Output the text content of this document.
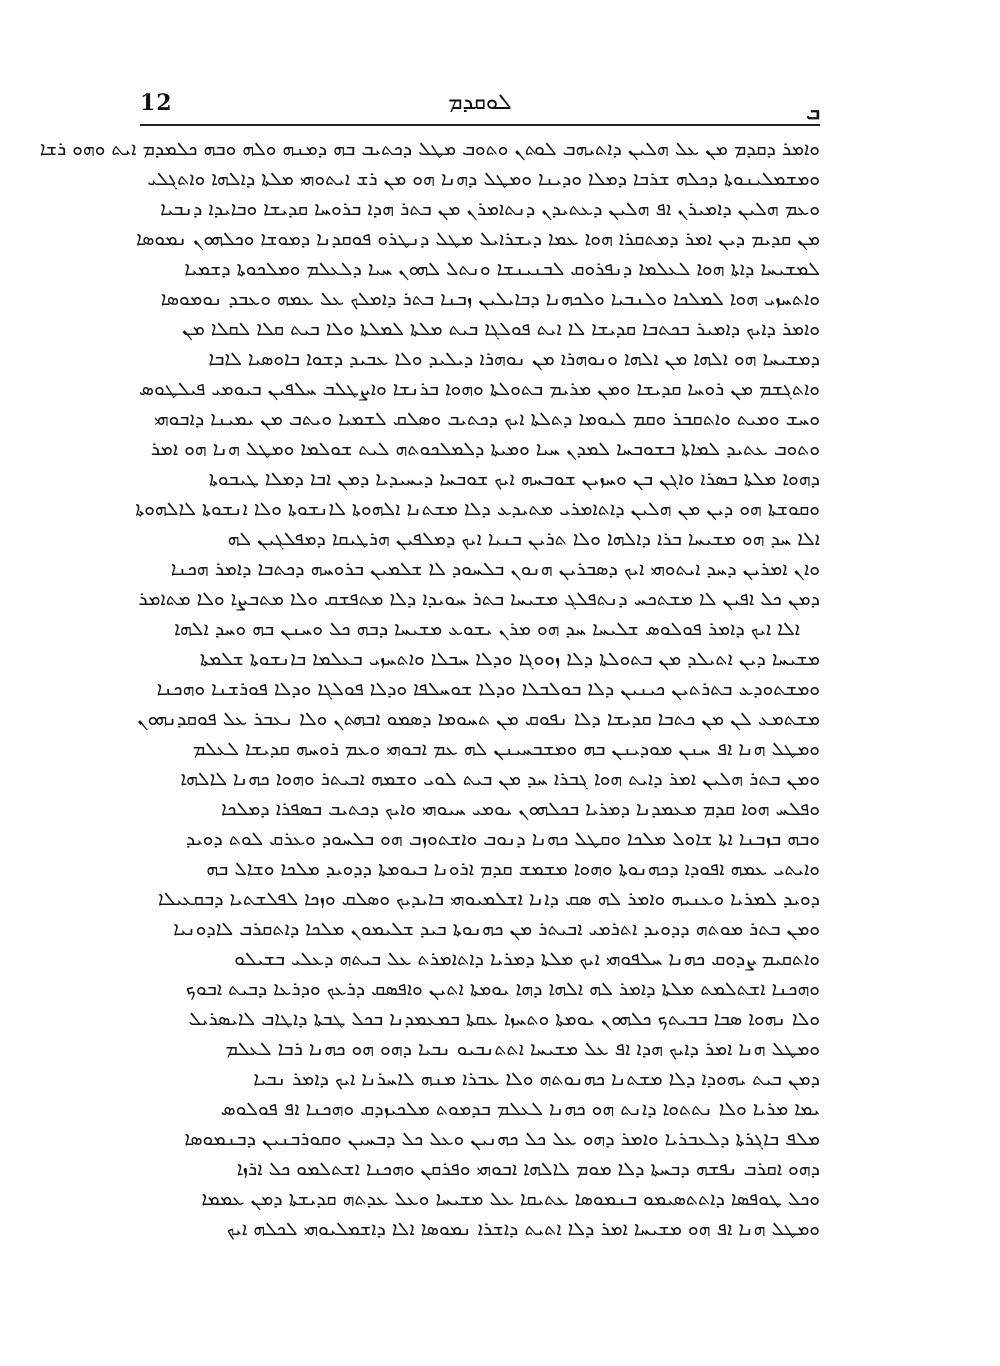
12	ܠܘܩܕܡ	ܒ
ܘܐܡܪ ܕܩܕܡ ܡܢ ܥܠ ܗܠܝܢ ܕܐܬܝܗܒ ܠܘܬܢ ܘܬܘܒ ܡܛܠ ܕܟܬܝܒ ܒܗ ܕܡܢܗ ܘܠܗ ܘܒܗ ܟܠܡܕܡ ܐܝܬ ܘܗܘ ܪܫܐ
ܘܡܫܡܠܝܢܘܬܐ ܕܟܠܗ ܫܪܒܐ ܕܡܠܐ ܘܕܝܢܐ ܘܡܛܠ ܕܗܢܐ ܗܘ ܡܢ ܪܫ ܐܝܬܘܗܝ ܡܠܬܐ ܕܐܠܗܐ ܘܐܬܓܠܝ
ܘܥܡ ܗܠܝܢ ܕܐܡܝܪܢ ܐܦ ܗܠܝܢ ܕܥܬܝܕܢ ܕܢܬܐܡܪܢ ܡܢ ܒܬܪ ܗܕܐ ܒܪܘܚܐ ܩܕܝܫܐ ܘܒܐܝܕܐ ܕܢܒܝܐ
ܡܢ ܩܕܝܡ ܕܝܢ ܐܡܪ ܕܡܬܩܪܐ ܗܘܐ ܥܡܐ ܕܝܫܪܐܝܠ ܡܛܠ ܕܢܛܪܘ ܦܘܩܕܢܐ ܕܡܘܫܐ ܘܟܠܗܘܢ ܢܡܘܣܐ
ܠܡܫܝܚܐ ܕܐܬܐ ܗܘܐ ܠܥܠܡܐ ܕܢܦܪܘܩ ܠܒܢܝܢܫܐ ܘܢܬܠ ܠܗܘܢ ܚܝܐ ܕܠܥܠܡ ܘܡܠܟܘܬܐ ܕܫܡܝܐ
ܘܐܬܚܙܝ ܗܘܐ ܠܡܠܟܐ ܘܠܢܒܝܐ ܘܠܟܗܢܐ ܕܒܐܝܠܝܢ ܙܒܢܐ ܒܬܪ ܕܐܡܠܟ ܥܠ ܥܡܗ ܘܥܒܕ ܢܘܡܘܣܐ
ܘܐܡܪ ܕܐܝܟ ܕܐܡܝܪ ܒܟܬܒܐ ܩܕܝܫܐ ܠܐ ܐܝܬ ܦܘܠܓܐ ܒܝܬ ܡܠܬܐ ܠܡܠܬܐ ܘܠܐ ܒܝܬ ܩܠܐ ܠܩܠܐ ܡܢ
ܕܡܫܝܚܐ ܗܘ ܐܠܗܐ ܡܢ ܐܠܗܐ ܘܢܘܗܪܐ ܡܢ ܢܘܗܪܐ ܕܝܠܝܕ ܘܠܐ ܥܒܝܕ ܕܫܘܐ ܒܐܘܣܝܐ ܠܐܒܐ
ܘܐܬܓܫܡ ܡܢ ܪܘܚܐ ܩܕܝܫܐ ܘܡܢ ܡܪܝܡ ܒܬܘܠܬܐ ܘܗܘܐ ܒܪܢܫܐ ܘܐܨܛܠܒ ܚܠܦܝܢ ܒܝܘܡܝ ܦܝܠܛܘܣ
ܘܚܫ ܘܡܝܬ ܘܐܬܩܒܪ ܘܩܡ ܠܝܘܡܐ ܕܬܠܬܐ ܐܝܟ ܕܟܬܝܒ ܘܣܠܩ ܠܫܡܝܐ ܘܝܬܒ ܡܢ ܝܡܝܢܐ ܕܐܒܘܗܝ
ܘܬܘܒ ܥܬܝܕ ܠܡܐܬܐ ܒܫܘܒܚܐ ܠܡܕܢ ܚܝܐ ܘܡܝܬܐ ܕܠܡܠܟܘܬܗ ܠܝܬ ܫܘܠܡܐ ܘܡܛܠ ܗܢܐ ܗܘ ܐܡܪ
ܕܗܘܐ ܡܠܬܐ ܒܣܪܐ ܘܐܓܢ ܒܢ ܘܚܙܝܢ ܫܘܒܚܗ ܐܝܟ ܫܘܒܚܐ ܕܝܚܝܕܝܐ ܕܡܢ ܐܒܐ ܕܡܠܐ ܛܝܒܘܬܐ
ܘܩܘܫܬܐ ܗܘ ܕܝܢ ܡܢ ܗܠܝܢ ܕܐܬܐܡܪܝ ܡܬܝܕܥ ܕܠܐ ܡܫܬܢܐ ܐܠܗܘܬܐ ܠܐܢܫܘܬܐ ܘܠܐ ܐܢܫܘܬܐ ܠܐܠܗܘܬܐ
ܐܠܐ ܚܕ ܗܘ ܡܫܝܚܐ ܒܪܐ ܕܐܠܗܐ ܘܠܐ ܬܪܝܢ ܒܢܝܐ ܐܝܟ ܕܡܠܦܝܢ ܗܪܛܝܩܐ ܕܡܦܠܓܝܢ ܠܗ
ܘܐܢ ܐܡܪܝܢ ܕܚܕ ܐܝܬܘܗܝ ܐܝܟ ܕܣܒܪܝܢ ܗܢܘܢ ܒܠܚܘܕ ܠܐ ܫܠܡܝܢ ܒܪܘܚܗ ܕܟܬܒܐ ܕܐܡܪ ܗܟܢܐ
ܕܡܢ ܟܠ ܐܦܝܢ ܠܐ ܡܫܬܟܚ ܕܢܬܦܠܓ ܡܫܝܚܐ ܒܬܪ ܚܘܝܕܐ ܕܠܐ ܡܬܦܫܩ ܘܠܐ ܡܬܒܨܐ ܘܠܐ ܡܬܐܡܪ
ܐܠܐ ܐܝܟ ܕܐܡܪ ܦܘܠܘܣ ܫܠܝܚܐ ܚܕ ܗܘ ܡܪܢ ܝܫܘܥ ܡܫܝܚܐ ܕܒܗ ܟܠ ܘܚܢܢ ܒܗ ܘܚܕ ܐܠܗܐ
ܡܫܝܚܐ ܕܝܢ ܐܬܝܠܕ ܡܢ ܒܬܘܠܬܐ ܕܠܐ ܙܘܘܓܐ ܘܕܠܐ ܚܒܠܐ ܘܐܬܚܙܝ ܒܥܠܡܐ ܒܐܢܫܘܬܐ ܫܠܡܬܐ
ܘܡܫܬܘܕܥ ܒܬܪܬܝܢ ܟܝܢܝܢ ܕܠܐ ܒܘܠܒܠܐ ܘܕܠܐ ܫܘܚܠܦܐ ܘܕܠܐ ܦܘܠܓܐ ܘܕܠܐ ܦܘܪܫܢܐ ܘܗܟܢܐ
ܡܫܬܡܥ ܠܢ ܡܢ ܟܬܒܐ ܩܕܝܫܐ ܕܠܐ ܢܦܘܩ ܡܢ ܬܚܘܡܐ ܕܣܡܘ ܐܒܗܬܢ ܘܠܐ ܢܥܒܪ ܥܠ ܦܘܩܕܢܗܘܢ
ܘܡܛܠ ܗܢܐ ܐܦ ܚܢܢ ܡܘܕܝܢܢ ܒܗ ܘܡܫܒܚܝܢܢ ܠܗ ܥܡ ܐܒܘܗܝ ܘܥܡ ܪܘܚܗ ܩܕܝܫܐ ܠܥܠܡ
ܘܡܢ ܒܬܪ ܗܠܝܢ ܐܡܪ ܕܐܝܬ ܗܘܐ ܓܒܪܐ ܚܕ ܡܢ ܒܝܬ ܠܘܝ ܘܫܡܗ ܐܒܝܬܪ ܘܗܘܐ ܟܗܢܐ ܠܐܠܗܐ
ܘܦܠܚ ܗܘܐ ܩܕܡ ܡܥܡܕܢܐ ܕܡܪܝܐ ܒܟܠܗܘܢ ܝܘܡܝ ܚܝܘܗܝ ܘܐܝܟ ܕܟܬܝܒ ܒܣܦܪܐ ܕܡܠܟܐ
ܘܒܗ ܒܙܒܢܐ ܐܬܐ ܫܐܘܠ ܡܠܟܐ ܘܩܛܠ ܟܗܢܐ ܕܢܘܒ ܘܐܫܬܘܙܒ ܗܘ ܒܠܚܘܕ ܘܥܪܩ ܠܘܬ ܕܘܝܕ
ܘܐܝܬܝ ܥܡܗ ܐܦܘܕܐ ܕܟܗܢܘܬܐ ܘܗܘܐ ܡܫܡܫ ܩܕܡ ܐܪܘܢܐ ܒܝܘܡܬܐ ܕܕܘܝܕ ܡܠܟܐ ܘܫܐܠ ܒܗ
ܕܘܝܕ ܠܡܪܝܐ ܘܥܢܝܗ ܘܐܡܪ ܠܗ ܣܩ ܕܐܢܐ ܐܫܠܡܝܘܗܝ ܒܐܝܕܝܟ ܘܣܠܩ ܘܙܟܐ ܠܦܠܫܬܝܐ ܕܒܩܥܝܠܐ
ܘܡܢ ܒܬܪ ܡܘܬܗ ܕܕܘܝܕ ܐܬܪܡܝ ܐܒܝܬܪ ܡܢ ܟܗܢܘܬܐ ܒܝܕ ܫܠܝܡܘܢ ܡܠܟܐ ܕܐܬܩܪܒ ܠܐܕܘܢܝܐ
ܘܐܬܩܝܡ ܨܕܘܩ ܟܗܢܐ ܚܠܦܘܗܝ ܐܝܟ ܡܠܬܐ ܕܡܪܝܐ ܕܐܬܐܡܪܬ ܥܠ ܒܝܬܗ ܕܥܠܝ ܒܫܝܠܘ
ܘܗܟܢܐ ܐܫܬܠܡܬ ܡܠܬܐ ܕܐܡܪ ܠܗ ܐܠܗܐ ܕܗܐ ܝܘܡܬܐ ܐܬܝܢ ܘܐܦܣܩ ܕܪܥܟ ܘܕܪܥܐ ܕܒܝܬ ܐܒܘܟ
ܘܠܐ ܢܗܘܐ ܣܒܐ ܒܒܝܬܟ ܟܠܗܘܢ ܝܘܡܬܐ ܘܬܚܙܐ ܥܩܬܐ ܒܡܥܡܕܢܐ ܒܟܠ ܛܒܬܐ ܕܐܛܐܒ ܠܐܝܣܪܝܠ
ܘܡܛܠ ܗܢܐ ܐܡܪ ܕܐܝܟ ܗܕܐ ܐܦ ܥܠ ܡܫܝܚܐ ܐܬܬܢܒܝܘ ܢܒܝܐ ܕܗܘ ܗܘ ܟܗܢܐ ܪܒܐ ܠܥܠܡ
ܕܡܢ ܒܝܬ ܝܗܘܕܐ ܕܠܐ ܡܫܬܢܐ ܟܗܢܘܬܗ ܘܠܐ ܥܒܪܐ ܡܢܗ ܠܐܚܪܢܐ ܐܝܟ ܕܐܡܪ ܢܒܝܐ
ܝܡܐ ܡܪܝܐ ܘܠܐ ܢܬܬܘܐ ܕܐܢܬ ܗܘ ܟܗܢܐ ܠܥܠܡ ܒܕܡܘܬ ܡܠܟܝܙܕܩ ܘܗܟܢܐ ܐܦ ܦܘܠܘܣ
ܡܠܦ ܒܐܓܪܬܐ ܕܠܥܒܪܝܐ ܘܐܡܪ ܕܗܘ ܥܠ ܟܠ ܟܗܢܝܢ ܘܥܠ ܟܠ ܕܒܚܝܢ ܘܩܘܪܒܢܝܢ ܕܒܢܡܘܣܐ
ܕܗܘ ܐܩܪܒ ܢܦܫܗ ܕܒܚܬܐ ܕܠܐ ܡܘܡ ܠܐܠܗܐ ܐܒܘܗܝ ܘܦܪܩܢ ܘܗܟܢܐ ܐܫܬܠܡܘ ܟܠ ܐܪܙܐ
ܘܟܠ ܛܘܦܣܐ ܕܐܬܬܣܝܡܘ ܒܢܡܘܣܐ ܥܬܝܩܐ ܥܠ ܡܫܝܚܐ ܘܥܠ ܥܕܬܗ ܩܕܝܫܬܐ ܕܡܢ ܥܡܡܐ
ܘܡܛܠ ܗܢܐ ܐܦ ܗܘ ܡܫܝܚܐ ܐܡܪ ܕܠܐ ܐܬܝܬ ܕܐܫܪܐ ܢܡܘܣܐ ܐܠܐ ܕܐܫܡܠܝܘܗܝ ܠܟܠܗ ܐܝܟ
